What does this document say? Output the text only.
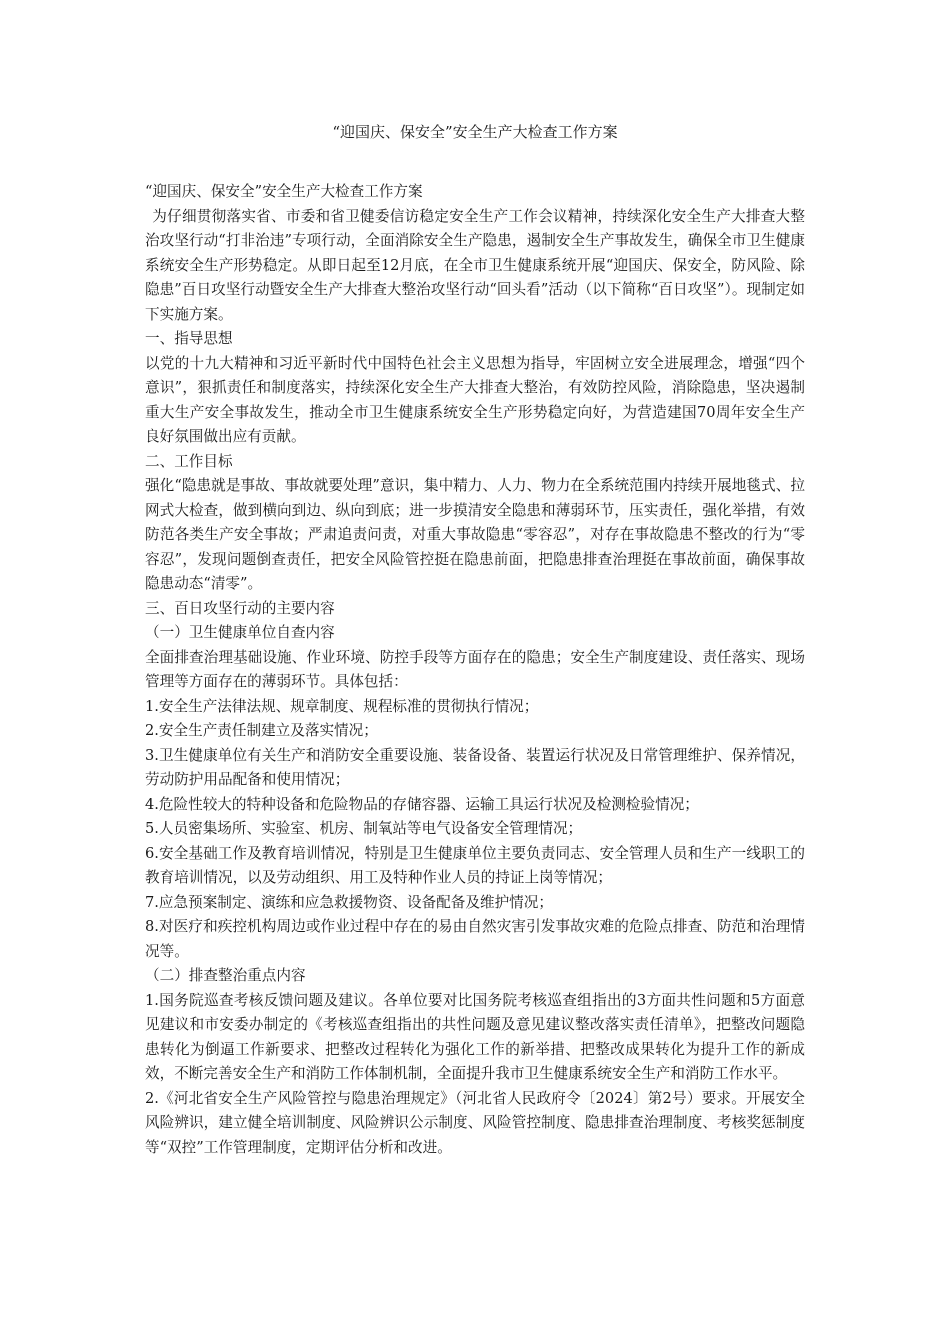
“迎国庆、保安全”安全生产大检查工作方案

“迎国庆、保安全”安全生产大检查工作方案

为仔细贯彻落实省、市委和省卫健委信访稳定安全生产工作会议精神，持续深化安全生产大排查大整治攻坚行动“打非治违”专项行动，全面消除安全生产隐患，遏制安全生产事故发生，确保全市卫生健康系统安全生产形势稳定。从即日起至12月底，在全市卫生健康系统开展“迎国庆、保安全，防风险、除隐患”百日攻坚行动暨安全生产大排查大整治攻坚行动“回头看”活动（以下简称“百日攻坚”）。现制定如下实施方案。

一、指导思想

以党的十九大精神和习近平新时代中国特色社会主义思想为指导，牢固树立安全进展理念，增强“四个意识”，狠抓责任和制度落实，持续深化安全生产大排查大整治，有效防控风险，消除隐患，坚决遏制重大生产安全事故发生，推动全市卫生健康系统安全生产形势稳定向好，为营造建国70周年安全生产良好氛围做出应有贡献。

二、工作目标

强化“隐患就是事故、事故就要处理”意识，集中精力、人力、物力在全系统范围内持续开展地毯式、拉网式大检查，做到横向到边、纵向到底；进一步摸清安全隐患和薄弱环节，压实责任，强化举措，有效防范各类生产安全事故；严肃追责问责，对重大事故隐患“零容忍”，对存在事故隐患不整改的行为“零容忍”，发现问题倒查责任，把安全风险管控挺在隐患前面，把隐患排查治理挺在事故前面，确保事故隐患动态“清零”。

三、百日攻坚行动的主要内容

（一）卫生健康单位自查内容

全面排查治理基础设施、作业环境、防控手段等方面存在的隐患；安全生产制度建设、责任落实、现场管理等方面存在的薄弱环节。具体包括：

1.安全生产法律法规、规章制度、规程标准的贯彻执行情况；

2.安全生产责任制建立及落实情况；

3.卫生健康单位有关生产和消防安全重要设施、装备设备、装置运行状况及日常管理维护、保养情况，劳动防护用品配备和使用情况；

4.危险性较大的特种设备和危险物品的存储容器、运输工具运行状况及检测检验情况；

5.人员密集场所、实验室、机房、制氧站等电气设备安全管理情况；

6.安全基础工作及教育培训情况，特别是卫生健康单位主要负责同志、安全管理人员和生产一线职工的教育培训情况，以及劳动组织、用工及特种作业人员的持证上岗等情况；

7.应急预案制定、演练和应急救援物资、设备配备及维护情况；

8.对医疗和疾控机构周边或作业过程中存在的易由自然灾害引发事故灾难的危险点排查、防范和治理情况等。

（二）排查整治重点内容

1.国务院巡查考核反馈问题及建议。各单位要对比国务院考核巡查组指出的3方面共性问题和5方面意见建议和市安委办制定的《考核巡查组指出的共性问题及意见建议整改落实责任清单》，把整改问题隐患转化为倒逼工作新要求、把整改过程转化为强化工作的新举措、把整改成果转化为提升工作的新成效，不断完善安全生产和消防工作体制机制，全面提升我市卫生健康系统安全生产和消防工作水平。

2.《河北省安全生产风险管控与隐患治理规定》（河北省人民政府令〔2024〕第2号）要求。开展安全风险辨识，建立健全培训制度、风险辨识公示制度、风险管控制度、隐患排查治理制度、考核奖惩制度等“双控”工作管理制度，定期评估分析和改进。
